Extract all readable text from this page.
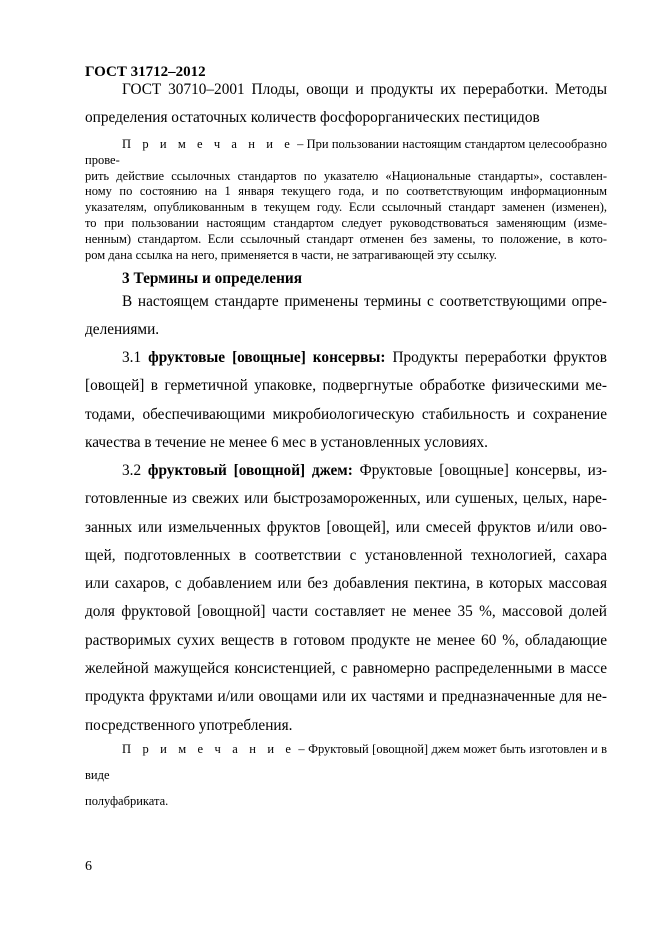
ГОСТ 31712–2012
ГОСТ 30710–2001 Плоды, овощи и продукты их переработки. Методы
определения остаточных количеств фосфорорганических пестицидов
П р и м е ч а н и е – При пользовании настоящим стандартом целесообразно прове-
рить действие ссылочных стандартов по указателю «Национальные стандарты», составлен-
ному по состоянию на 1 января текущего года, и по соответствующим информационным
указателям, опубликованным в текущем году. Если ссылочный стандарт заменен (изменен),
то при пользовании настоящим стандартом следует руководствоваться заменяющим (изме-
ненным) стандартом. Если ссылочный стандарт отменен без замены, то положение, в кото-
ром дана ссылка на него, применяется в части, не затрагивающей эту ссылку.
3 Термины и определения
В настоящем стандарте применены термины с соответствующими опре-
делениями.
3.1 фруктовые [овощные] консервы: Продукты переработки фруктов
[овощей] в герметичной упаковке, подвергнутые обработке физическими ме-
тодами, обеспечивающими микробиологическую стабильность и сохранение
качества в течение не менее 6 мес в установленных условиях.
3.2 фруктовый [овощной] джем: Фруктовые [овощные] консервы, из-
готовленные из свежих или быстрозамороженных, или сушеных, целых, наре-
занных или измельченных фруктов [овощей], или смесей фруктов и/или ово-
щей, подготовленных в соответствии с установленной технологией, сахара
или сахаров, с добавлением или без добавления пектина, в которых массовая
доля фруктовой [овощной] части составляет не менее 35 %, массовой долей
растворимых сухих веществ в готовом продукте не менее 60 %, обладающие
желейной мажущейся консистенцией, с равномерно распределенными в массе
продукта фруктами и/или овощами или их частями и предназначенные для не-
посредственного употребления.
П р и м е ч а н и е – Фруктовый [овощной] джем может быть изготовлен и в виде
полуфабриката.
6
